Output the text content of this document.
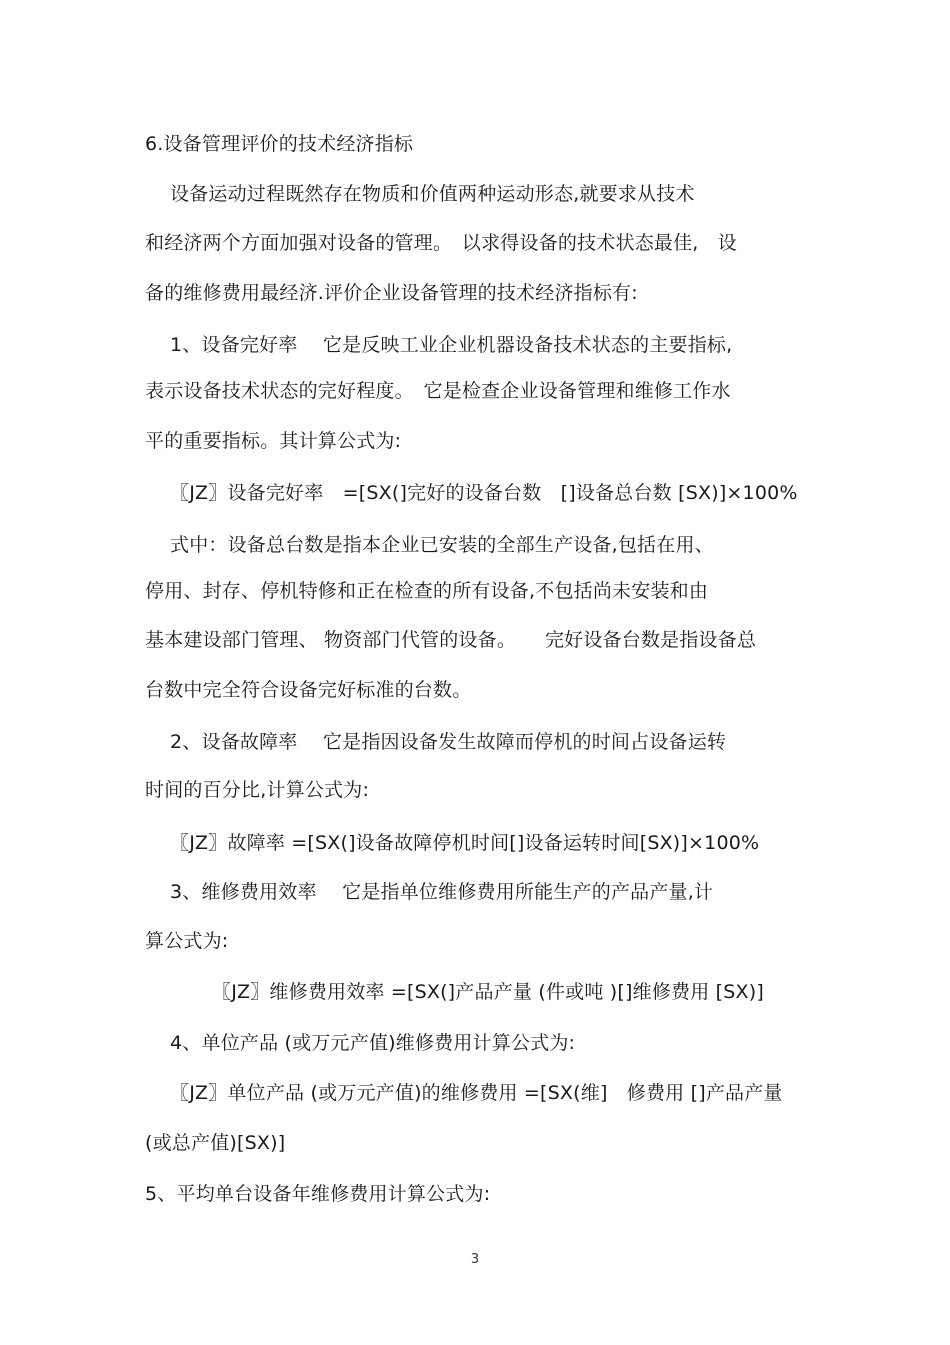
6.设备管理评价的技术经济指标
设备运动过程既然存在物质和价值两种运动形态,就要求从技术
和经济两个方面加强对设备的管理。　以求得设备的技术状态最佳,　设
备的维修费用最经济.评价企业设备管理的技术经济指标有:
1、设备完好率　 它是反映工业企业机器设备技术状态的主要指标,
表示设备技术状态的完好程度。　它是检查企业设备管理和维修工作水
平的重要指标。其计算公式为:
〖JZ〗设备完好率　=[SX(]完好的设备台数　[]设备总台数 [SX)]×100%
式中：设备总台数是指本企业已安装的全部生产设备,包括在用、
停用、封存、停机特修和正在检查的所有设备,不包括尚未安装和由
基本建设部门管理、 物资部门代管的设备。　　完好设备台数是指设备总
台数中完全符合设备完好标准的台数。
2、设备故障率　 它是指因设备发生故障而停机的时间占设备运转
时间的百分比,计算公式为:
〖JZ〗故障率 =[SX(]设备故障停机时间[]设备运转时间[SX)]×100%
3、维修费用效率　 它是指单位维修费用所能生产的产品产量,计
算公式为:
〖JZ〗维修费用效率 =[SX(]产品产量 (件或吨 )[]维修费用 [SX)]
4、单位产品 (或万元产值)维修费用计算公式为:
〖JZ〗单位产品 (或万元产值)的维修费用 =[SX(维]　修费用 []产品产量
(或总产值)[SX)]
5、平均单台设备年维修费用计算公式为:
3
